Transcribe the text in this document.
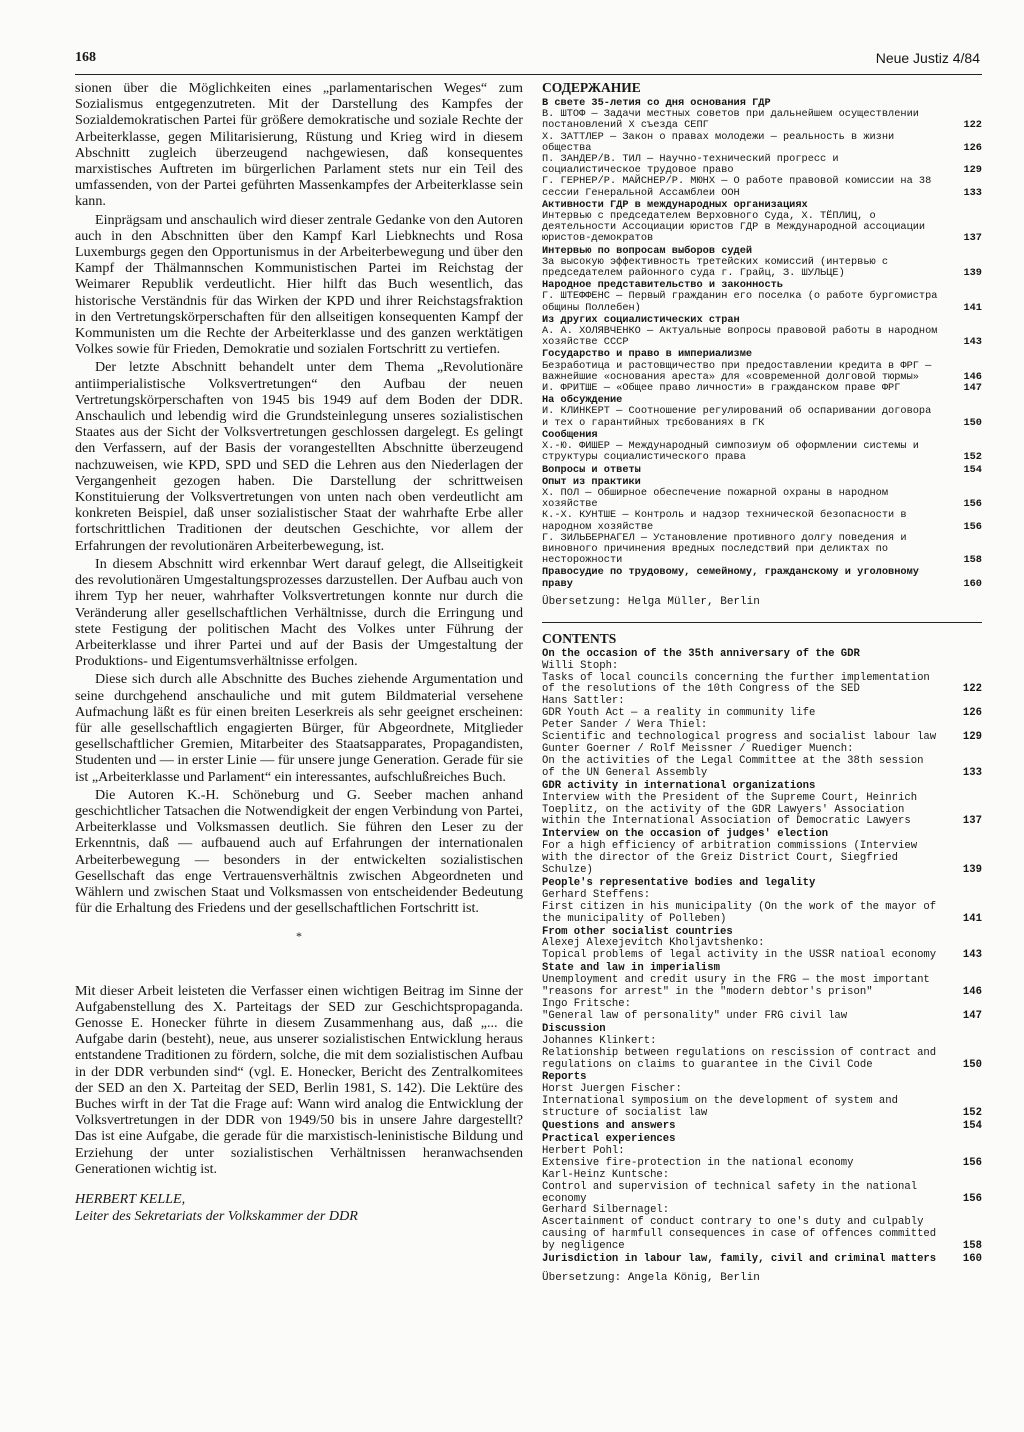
168	Neue Justiz 4/84

sionen über die Möglichkeiten eines „parlamentarischen Weges“ zum Sozialismus entgegenzutreten. Mit der Darstellung des Kampfes der Sozialdemokratischen Partei für größere demokratische und soziale Rechte der Arbeiterklasse, gegen Militarisierung, Rüstung und Krieg wird in diesem Abschnitt zugleich überzeugend nachgewiesen, daß konsequentes marxistisches Auftreten im bürgerlichen Parlament stets nur ein Teil des umfassenden, von der Partei geführten Massenkampfes der Arbeiterklasse sein kann.

Einprägsam und anschaulich wird dieser zentrale Gedanke von den Autoren auch in den Abschnitten über den Kampf Karl Liebknechts und Rosa Luxemburgs gegen den Opportunismus in der Arbeiterbewegung und über den Kampf der Thälmannschen Kommunistischen Partei im Reichstag der Weimarer Republik verdeutlicht. Hier hilft das Buch wesentlich, das historische Verständnis für das Wirken der KPD und ihrer Reichstagsfraktion in den Vertretungskörperschaften für den allseitigen konsequenten Kampf der Kommunisten um die Rechte der Arbeiterklasse und des ganzen werktätigen Volkes sowie für Frieden, Demokratie und sozialen Fortschritt zu vertiefen.

Der letzte Abschnitt behandelt unter dem Thema „Revolutionäre antiimperialistische Volksvertretungen“ den Aufbau der neuen Vertretungskörperschaften von 1945 bis 1949 auf dem Boden der DDR. Anschaulich und lebendig wird die Grundsteinlegung unseres sozialistischen Staates aus der Sicht der Volksvertretungen geschlossen dargelegt. Es gelingt den Verfassern, auf der Basis der vorangestellten Abschnitte überzeugend nachzuweisen, wie KPD, SPD und SED die Lehren aus den Niederlagen der Vergangenheit gezogen haben. Die Darstellung der schrittweisen Konstituierung der Volksvertretungen von unten nach oben verdeutlicht am konkreten Beispiel, daß unser sozialistischer Staat der wahrhafte Erbe aller fortschrittlichen Traditionen der deutschen Geschichte, vor allem der Erfahrungen der revolutionären Arbeiterbewegung, ist.

In diesem Abschnitt wird erkennbar Wert darauf gelegt, die Allseitigkeit des revolutionären Umgestaltungsprozesses darzustellen. Der Aufbau auch von ihrem Typ her neuer, wahrhafter Volksvertretungen konnte nur durch die Veränderung aller gesellschaftlichen Verhältnisse, durch die Erringung und stete Festigung der politischen Macht des Volkes unter Führung der Arbeiterklasse und ihrer Partei und auf der Basis der Umgestaltung der Produktions- und Eigentumsverhältnisse erfolgen.

Diese sich durch alle Abschnitte des Buches ziehende Argumentation und seine durchgehend anschauliche und mit gutem Bildmaterial versehene Aufmachung läßt es für einen breiten Leserkreis als sehr geeignet erscheinen: für alle gesellschaftlich engagierten Bürger, für Abgeordnete, Mitglieder gesellschaftlicher Gremien, Mitarbeiter des Staatsapparates, Propagandisten, Studenten und — in erster Linie — für unsere junge Generation. Gerade für sie ist „Arbeiterklasse und Parlament“ ein interessantes, aufschlußreiches Buch.

Die Autoren K.-H. Schöneburg und G. Seeber machen anhand geschichtlicher Tatsachen die Notwendigkeit der engen Verbindung von Partei, Arbeiterklasse und Volksmassen deutlich. Sie führen den Leser zu der Erkenntnis, daß — aufbauend auch auf Erfahrungen der internationalen Arbeiterbewegung — besonders in der entwickelten sozialistischen Gesellschaft das enge Vertrauensverhältnis zwischen Abgeordneten und Wählern und zwischen Staat und Volksmassen von entscheidender Bedeutung für die Erhaltung des Friedens und der gesellschaftlichen Fortschritt ist.

*

Mit dieser Arbeit leisteten die Verfasser einen wichtigen Beitrag im Sinne der Aufgabenstellung des X. Parteitags der SED zur Geschichtspropaganda. Genosse E. Honecker führte in diesem Zusammenhang aus, daß „... die Aufgabe darin (besteht), neue, aus unserer sozialistischen Entwicklung heraus entstandene Traditionen zu fördern, solche, die mit dem sozialistischen Aufbau in der DDR verbunden sind“ (vgl. E. Honecker, Bericht des Zentralkomitees der SED an den X. Parteitag der SED, Berlin 1981, S. 142). Die Lektüre des Buches wirft in der Tat die Frage auf: Wann wird analog die Entwicklung der Volksvertretungen in der DDR von 1949/50 bis in unsere Jahre dargestellt? Das ist eine Aufgabe, die gerade für die marxistisch-leninistische Bildung und Erziehung der unter sozialistischen Verhältnissen heranwachsenden Generationen wichtig ist.

HERBERT KELLE,
Leiter des Sekretariats der Volkskammer der DDR
СОДЕРЖАНИЕ
В свете 35-летия со дня основания ГДР
В. ШТОФ — Задачи местных советов при дальнейшем осуществлении постановлений X съезда СЕПГ	122
Х. ЗАТТЛЕР — Закон о правах молодежи — реальность в жизни общества	126
П. ЗАНДЕР/В. ТИЛ — Научно-технический прогресс и социалистическое трудовое право	129
Г. ГЕРНЕР/Р. МАЙСНЕР/Р. МЮНХ — О работе правовой комиссии на 38 сессии Генеральной Ассамблеи ООН	133
Активности ГДР в международных организациях
Интервью с председателем Верховного Суда, Х. ТЁПЛИЦ, о деятельности Ассоциации юристов ГДР в Международной ассоциации юристов-демократов	137
Интервью по вопросам выборов судей
За высокую эффективность третейских комиссий (интервью с председателем районного суда г. Грайц, З. ШУЛЬЦЕ)	139
Народное представительство и законность
Г. ШТЕФФЕНС — Первый гражданин его поселка (о работе бургомистра общины Поллебен)	141
Из других социалистических стран
А. А. ХОЛЯВЧЕНКО — Актуальные вопросы правовой работы в народном хозяйстве СССР	143
Государство и право в империализме
Безработица и растовщичество при предоставлении кредита в ФРГ — важнейшие «основания ареста» для «современной долговой тюрмы»	146
И. ФРИТШЕ — «Общее право личности» в гражданском праве ФРГ	147
На обсуждение
И. КЛИНКЕРТ — Соотношение регулирований об оспаривании договора и тех о гарантийных трєбованиях в ГК	150
Сообщения
Х.-Ю. ФИШЕР — Международный симпозиум об оформлении системы и структуры социалистического права	152
Вопросы и ответы	154
Опыт из практики
Х. ПОЛ — Обширное обеспечение пожарной охраны в народном хозяйстве	156
К.-Х. КУНТШЕ — Контроль и надзор технической безопасности в народном хозяйстве	156
Г. ЗИЛЬБЕРНАГЕЛ — Установление противного долгу поведения и виновного причинения вредных последствий при деликтах по несторожности	158
Правосудие по трудовому, семейному, гражданскому и уголовному праву	160
Übersetzung: Helga Müller, Berlin
CONTENTS
On the occasion of the 35th anniversary of the GDR
Willi Stoph:
Tasks of local councils concerning the further implementation of the resolutions of the 10th Congress of the SED	122
Hans Sattler:
GDR Youth Act — a reality in community life	126
Peter Sander / Wera Thiel:
Scientific and technological progress and socialist labour law	129
Gunter Goerner / Rolf Meissner / Ruediger Muench:
On the activities of the Legal Committee at the 38th session of the UN General Assembly	133
GDR activity in international organizations
Interview with the President of the Supreme Court, Heinrich Toeplitz, on the activity of the GDR Lawyers' Association within the International Association of Democratic Lawyers	137
Interview on the occasion of judges' election
For a high efficiency of arbitration commissions (Interview with the director of the Greiz District Court, Siegfried Schulze)	139
People's representative bodies and legality
Gerhard Steffens:
First citizen in his municipality (On the work of the mayor of the municipality of Polleben)	141
From other socialist countries
Alexej Alexejevitch Kholjavtshenko:
Topical problems of legal activity in the USSR natioal economy	143
State and law in imperialism
Unemployment and credit usury in the FRG — the most important "reasons for arrest" in the "modern debtor's prison"	146
Ingo Fritsche:
"General law of personality" under FRG civil law	147
Discussion
Johannes Klinkert:
Relationship between regulations on rescission of contract and regulations on claims to guarantee in the Civil Code	150
Reports
Horst Juergen Fischer:
International symposium on the development of system and structure of socialist law	152
Questions and answers	154
Practical experiences
Herbert Pohl:
Extensive fire-protection in the national economy	156
Karl-Heinz Kuntsche:
Control and supervision of technical safety in the national economy	156
Gerhard Silbernagel:
Ascertainment of conduct contrary to one's duty and culpably causing of harmfull consequences in case of offences committed by negligence	158
Jurisdiction in labour law, family, civil and criminal matters	160
Übersetzung: Angela König, Berlin
